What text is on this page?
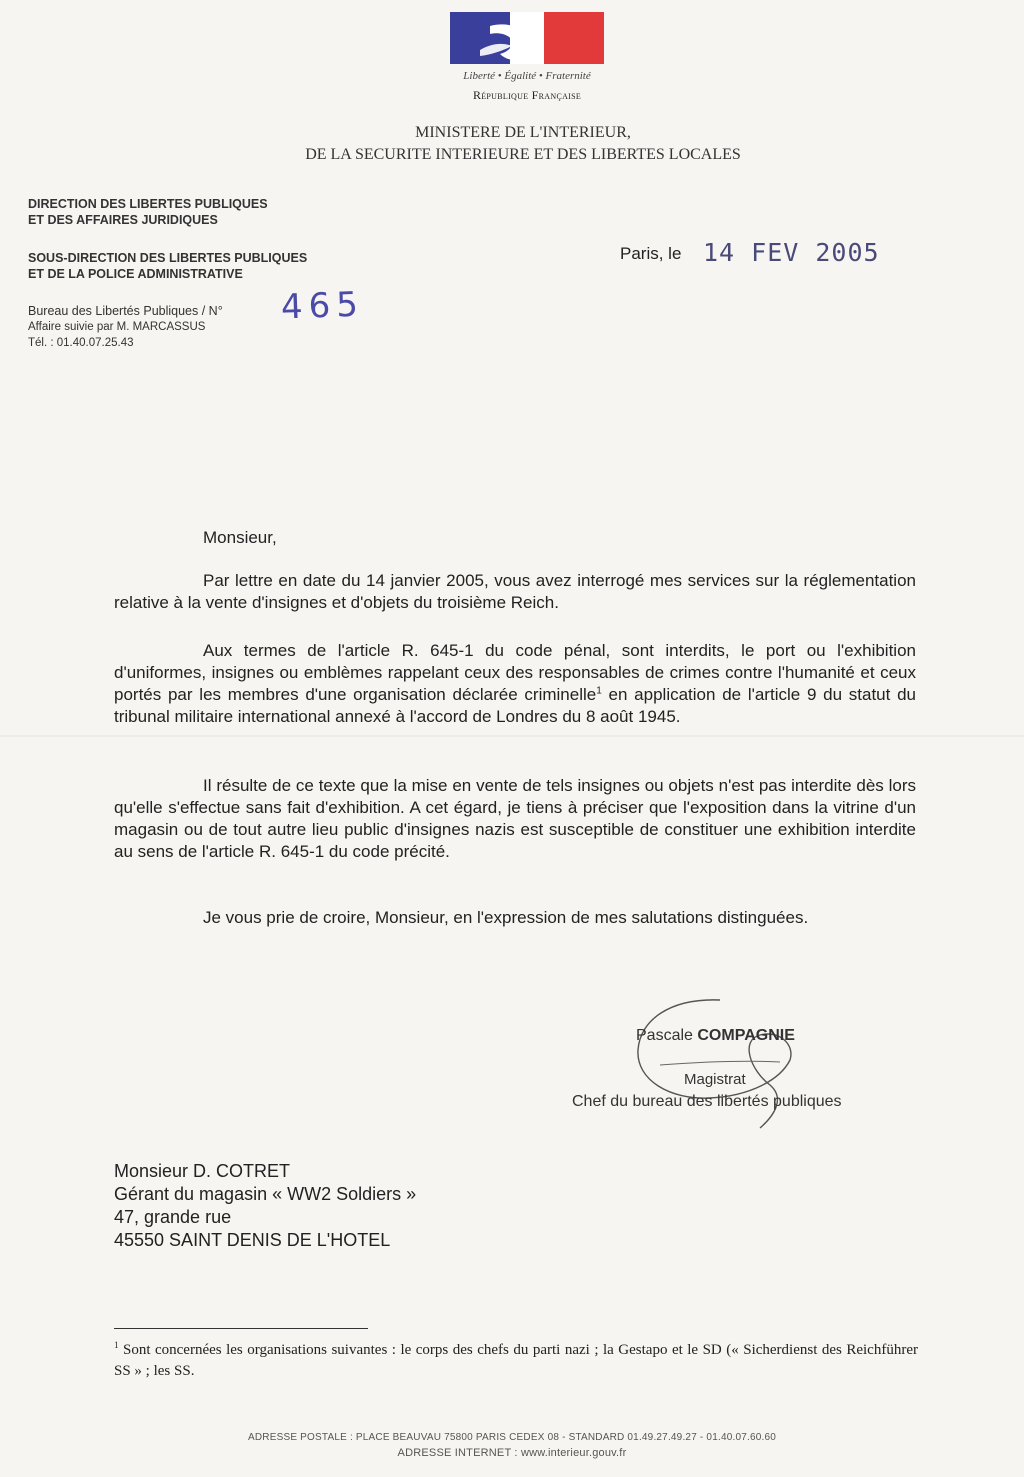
Liberté • Égalité • Fraternité
République Française
MINISTERE DE L'INTERIEUR,
DE LA SECURITE INTERIEURE ET DES LIBERTES LOCALES
DIRECTION DES LIBERTES PUBLIQUES
ET DES AFFAIRES JURIDIQUES
SOUS-DIRECTION DES LIBERTES PUBLIQUES
ET DE LA POLICE ADMINISTRATIVE
Bureau des Libertés Publiques / N°
Affaire suivie par M. MARCASSUS
Tél. : 01.40.07.25.43
465
Paris, le 14 FEV 2005
Monsieur,
Par lettre en date du 14 janvier 2005, vous avez interrogé mes services sur la réglementation relative à la vente d'insignes et d'objets du troisième Reich.
Aux termes de l'article R. 645-1 du code pénal, sont interdits, le port ou l'exhibition d'uniformes, insignes ou emblèmes rappelant ceux des responsables de crimes contre l'humanité et ceux portés par les membres d'une organisation déclarée criminelle$^1$ en application de l'article 9 du statut du tribunal militaire international annexé à l'accord de Londres du 8 août 1945.
Il résulte de ce texte que la mise en vente de tels insignes ou objets n'est pas interdite dès lors qu'elle s'effectue sans fait d'exhibition. A cet égard, je tiens à préciser que l'exposition dans la vitrine d'un magasin ou de tout autre lieu public d'insignes nazis est susceptible de constituer une exhibition interdite au sens de l'article R. 645-1 du code précité.
Je vous prie de croire, Monsieur, en l'expression de mes salutations distinguées.
Pascale COMPAGNIE
Magistrat
Chef du bureau des libertés publiques
Monsieur D. COTRET
Gérant du magasin « WW2 Soldiers »
47, grande rue
45550 SAINT DENIS DE L'HOTEL
$^1$ Sont concernées les organisations suivantes : le corps des chefs du parti nazi ; la Gestapo et le SD (« Sicherdienst des Reichführer SS » ; les SS.
ADRESSE POSTALE : PLACE BEAUVAU 75800 PARIS CEDEX 08 - STANDARD 01.49.27.49.27 - 01.40.07.60.60
ADRESSE INTERNET : www.interieur.gouv.fr
